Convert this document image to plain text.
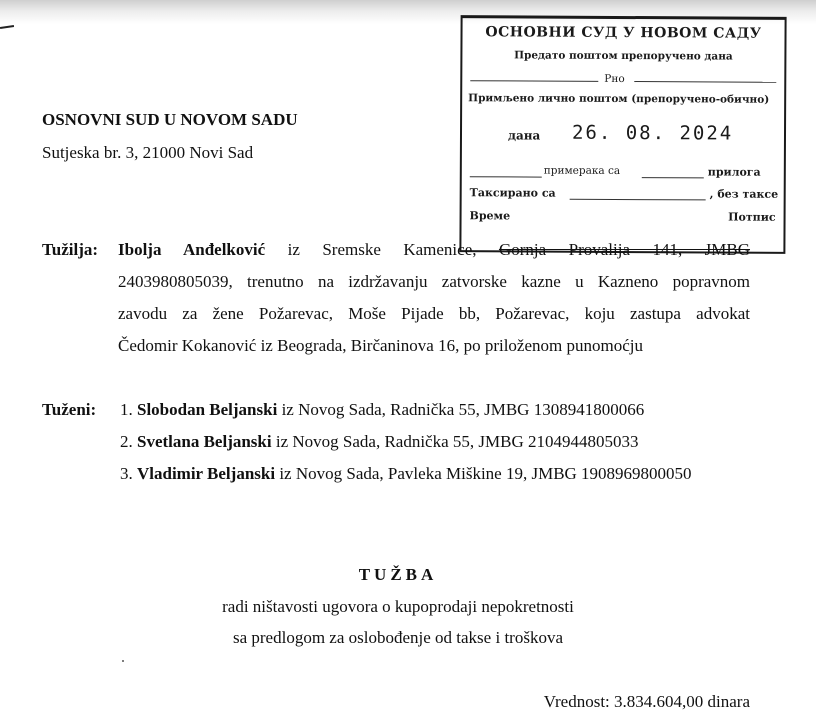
OSNOVNI SUD U NOVOM SADU
Sutjeska br. 3, 21000 Novi Sad
ОСНОВНИ СУД У НОВОМ САДУ
Предато поштом препоручено дана
Рно
Примљено лично поштом (препоручено-обично)
дана 26. 08. 2024
примерака са	прилога
Таксирано са	, без таксе
Време	Потпис
Tužilja: Ibolja Anđelković iz Sremske Kamenice, Gornja Provalija 141, JMBG
2403980805039, trenutno na izdržavanju zatvorske kazne u Kazneno popravnom
zavodu za žene Požarevac, Moše Pijade bb, Požarevac, koju zastupa advokat
Čedomir Kokanović iz Beograda, Birčaninova 16, po priloženom punomoćju
Tuženi: 1. Slobodan Beljanski iz Novog Sada, Radnička 55, JMBG 1308941800066
2. Svetlana Beljanski iz Novog Sada, Radnička 55, JMBG 2104944805033
3. Vladimir Beljanski iz Novog Sada, Pavleka Miškine 19, JMBG 1908969800050
TUŽBA
radi ništavosti ugovora o kupoprodaji nepokretnosti
sa predlogom za oslobođenje od takse i troškova
Vrednost: 3.834.604,00 dinara
